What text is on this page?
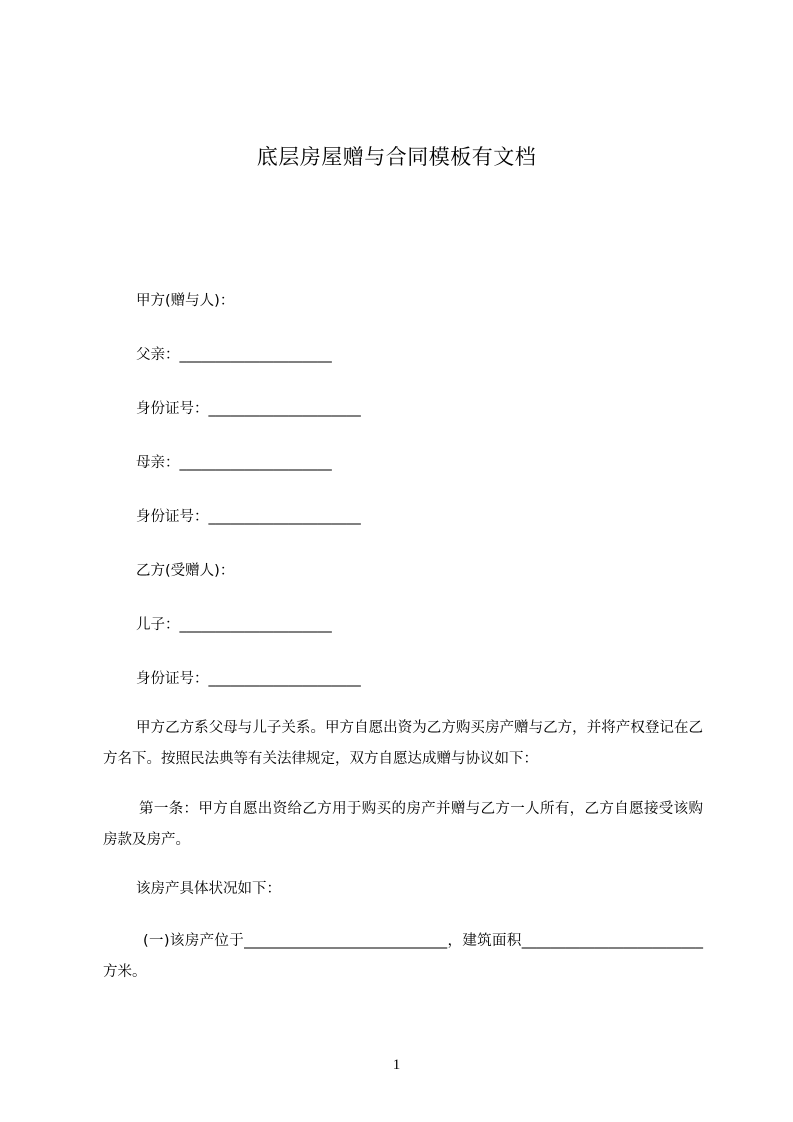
底层房屋赠与合同模板有文档
甲方(赠与人)：
父亲：_____________________
身份证号：_____________________
母亲：_____________________
身份证号：_____________________
乙方(受赠人)：
儿子：_____________________
身份证号：_____________________
甲方乙方系父母与儿子关系。甲方自愿出资为乙方购买房产赠与乙方，并将产权登记在乙方名下。按照民法典等有关法律规定，双方自愿达成赠与协议如下：
第一条：甲方自愿出资给乙方用于购买的房产并赠与乙方一人所有，乙方自愿接受该购房款及房产。
该房产具体状况如下：
(一)该房产位于____________________________，建筑面积_________________________方米。
1
